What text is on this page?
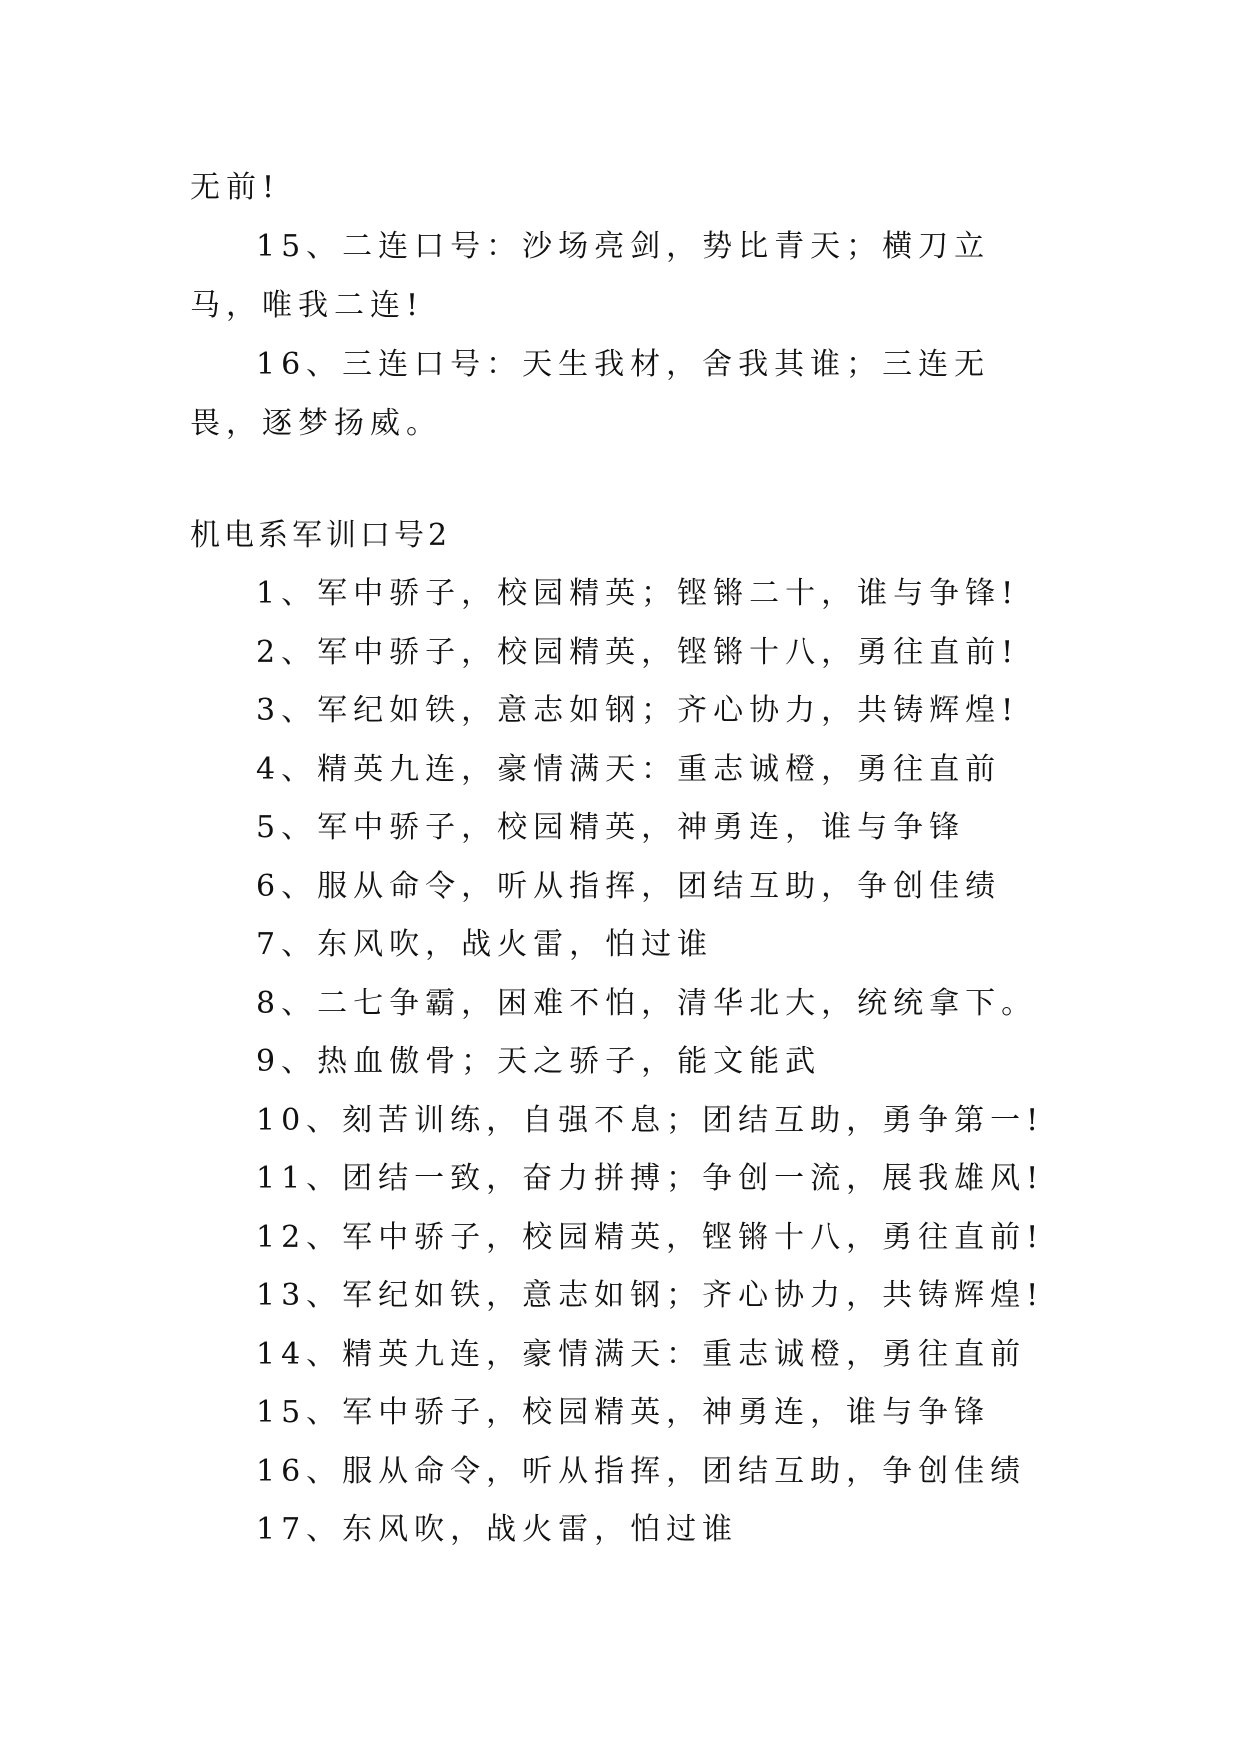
无前!

15、二连口号：沙场亮剑，势比青天；横刀立马，唯我二连!

16、三连口号：天生我材，舍我其谁；三连无畏，逐梦扬威。

机电系军训口号2

1、军中骄子，校园精英；铿锵二十，谁与争锋!

2、军中骄子，校园精英，铿锵十八，勇往直前!

3、军纪如铁，意志如钢；齐心协力，共铸辉煌!

4、精英九连，豪情满天：重志诚橙，勇往直前

5、军中骄子，校园精英，神勇连，谁与争锋

6、服从命令，听从指挥，团结互助，争创佳绩

7、东风吹，战火雷，怕过谁

8、二七争霸，困难不怕，清华北大，统统拿下。

9、热血傲骨；天之骄子，能文能武

10、刻苦训练，自强不息；团结互助，勇争第一!

11、团结一致，奋力拼搏；争创一流，展我雄风!

12、军中骄子，校园精英，铿锵十八，勇往直前!

13、军纪如铁，意志如钢；齐心协力，共铸辉煌!

14、精英九连，豪情满天：重志诚橙，勇往直前

15、军中骄子，校园精英，神勇连，谁与争锋

16、服从命令，听从指挥，团结互助，争创佳绩

17、东风吹，战火雷，怕过谁
